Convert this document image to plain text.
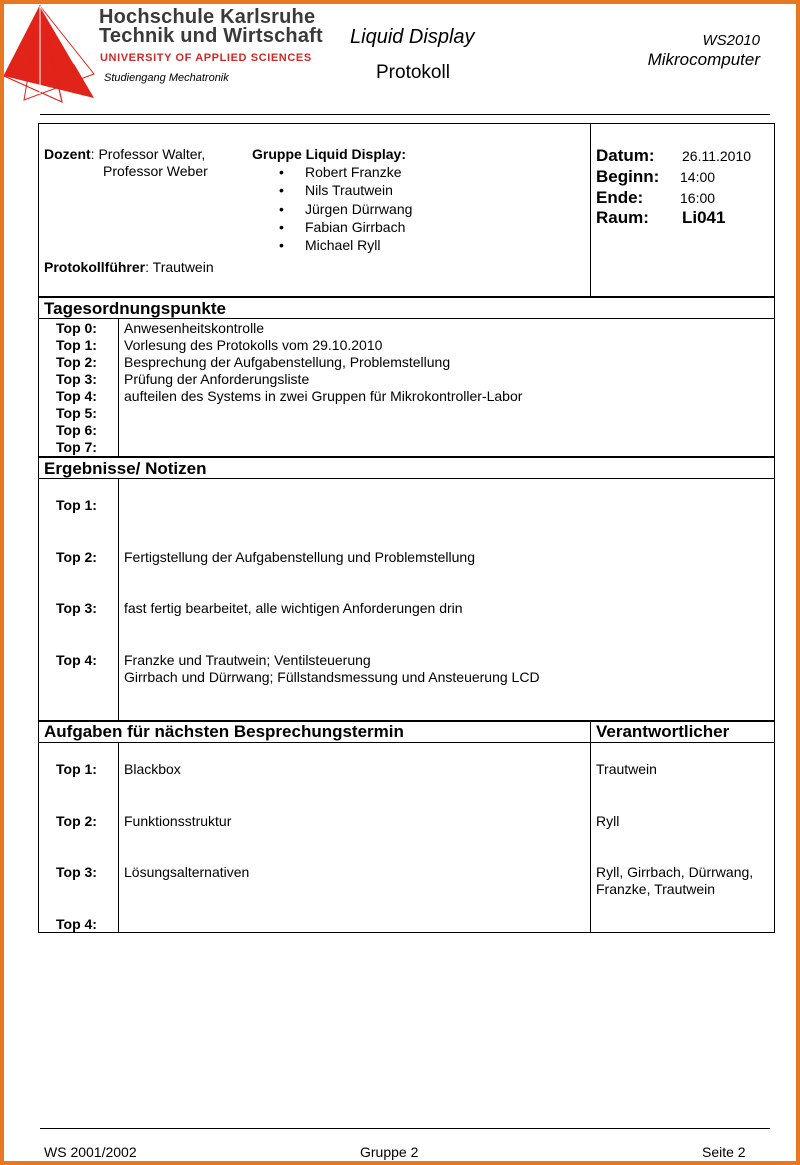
Hochschule Karlsruhe
Technik und Wirtschaft
UNIVERSITY OF APPLIED SCIENCES
Studiengang Mechatronik
Liquid Display
Protokoll
WS2010
Mikrocomputer
Dozent: Professor Walter,
Professor Weber
Gruppe Liquid Display:
• Robert Franzke
• Nils Trautwein
• Jürgen Dürrwang
• Fabian Girrbach
• Michael Ryll
Protokollführer: Trautwein
Datum: 26.11.2010
Beginn: 14:00
Ende:	16:00
Raum: Li041
Tagesordnungspunkte
Top 0:	Anwesenheitskontrolle
Top 1:	Vorlesung des Protokolls vom 29.10.2010
Top 2:	Besprechung der Aufgabenstellung, Problemstellung
Top 3:	Prüfung der Anforderungsliste
Top 4:	aufteilen des Systems in zwei Gruppen für Mikrokontroller-Labor
Top 5:
Top 6:
Top 7:
Ergebnisse/ Notizen
Top 1:
Top 2:	Fertigstellung der Aufgabenstellung und Problemstellung
Top 3:	fast fertig bearbeitet, alle wichtigen Anforderungen drin
Top 4:	Franzke und Trautwein; Ventilsteuerung
Girrbach und Dürrwang; Füllstandsmessung und Ansteuerung LCD
Aufgaben für nächsten Besprechungstermin	Verantwortlicher
Top 1:	Blackbox	Trautwein
Top 2:	Funktionsstruktur	Ryll
Top 3:	Lösungsalternativen	Ryll, Girrbach, Dürrwang,
Franzke, Trautwein
Top 4:
WS 2001/2002	Gruppe 2	Seite 2
